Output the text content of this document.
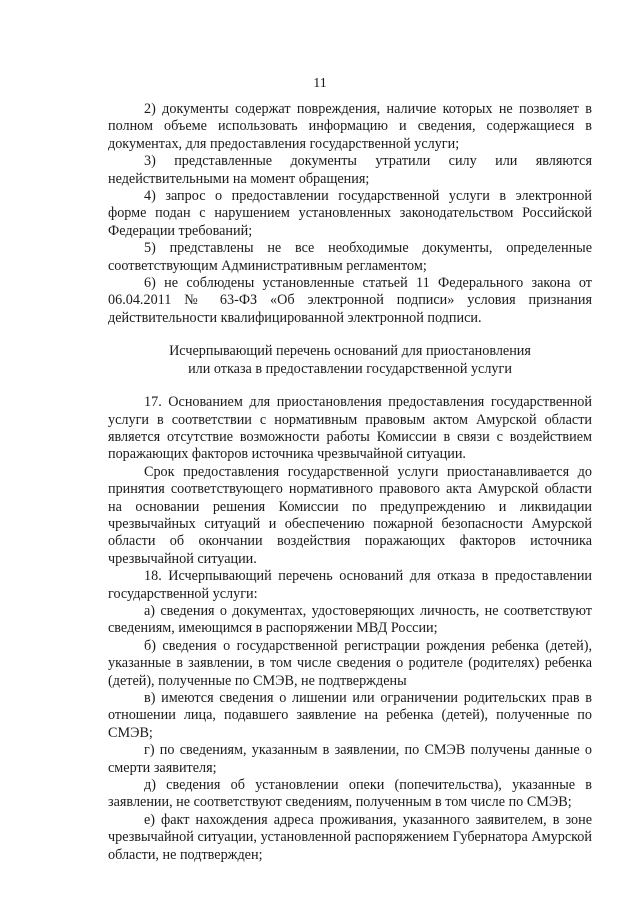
11

2) документы содержат повреждения, наличие которых не позволяет в полном объеме использовать информацию и сведения, содержащиеся в документах, для предоставления государственной услуги;

3) представленные документы утратили силу или являются недействительными на момент обращения;

4) запрос о предоставлении государственной услуги в электронной форме подан с нарушением установленных законодательством Российской Федерации требований;

5) представлены не все необходимые документы, определенные соответствующим Административным регламентом;

6) не соблюдены установленные статьей 11 Федерального закона от 06.04.2011 № 63-ФЗ «Об электронной подписи» условия признания действительности квалифицированной электронной подписи.

Исчерпывающий перечень оснований для приостановления
или отказа в предоставлении государственной услуги

17. Основанием для приостановления предоставления государственной услуги в соответствии с нормативным правовым актом Амурской области является отсутствие возможности работы Комиссии в связи с воздействием поражающих факторов источника чрезвычайной ситуации.

Срок предоставления государственной услуги приостанавливается до принятия соответствующего нормативного правового акта Амурской области на основании решения Комиссии по предупреждению и ликвидации чрезвычайных ситуаций и обеспечению пожарной безопасности Амурской области об окончании воздействия поражающих факторов источника чрезвычайной ситуации.

18. Исчерпывающий перечень оснований для отказа в предоставлении государственной услуги:

а) сведения о документах, удостоверяющих личность, не соответствуют сведениям, имеющимся в распоряжении МВД России;

б) сведения о государственной регистрации рождения ребенка (детей), указанные в заявлении, в том числе сведения о родителе (родителях) ребенка (детей), полученные по СМЭВ, не подтверждены

в) имеются сведения о лишении или ограничении родительских прав в отношении лица, подавшего заявление на ребенка (детей), полученные по СМЭВ;

г) по сведениям, указанным в заявлении, по СМЭВ получены данные о смерти заявителя;

д) сведения об установлении опеки (попечительства), указанные в заявлении, не соответствуют сведениям, полученным в том числе по СМЭВ;

е) факт нахождения адреса проживания, указанного заявителем, в зоне чрезвычайной ситуации, установленной распоряжением Губернатора Амурской области, не подтвержден;
